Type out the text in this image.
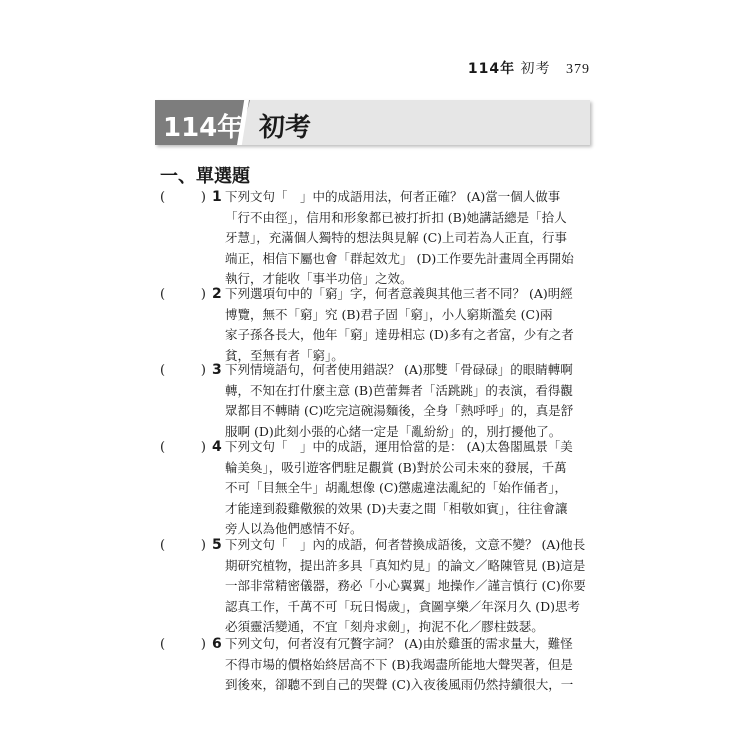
114年 初考 379
114年 初考
一、單選題
(	) 1 下列文句「　」中的成語用法，何者正確？ (A)當一個人做事
「行不由徑」，信用和形象都已被打折扣 (B)她講話總是「拾人
牙慧」，充滿個人獨特的想法與見解 (C)上司若為人正直，行事
端正，相信下屬也會「群起效尤」 (D)工作要先計畫周全再開始
執行，才能收「事半功倍」之效。
(	) 2 下列選項句中的「窮」字，何者意義與其他三者不同？ (A)明經
博覽，無不「窮」究 (B)君子固「窮」，小人窮斯濫矣 (C)兩
家子孫各長大，他年「窮」達毋相忘 (D)多有之者富，少有之者
貧，至無有者「窮」。
(	) 3 下列情境語句，何者使用錯誤？ (A)那雙「骨碌碌」的眼睛轉啊
轉，不知在打什麼主意 (B)芭蕾舞者「活跳跳」的表演，看得觀
眾都目不轉睛 (C)吃完這碗湯麵後，全身「熱呼呼」的，真是舒
服啊 (D)此刻小張的心緒一定是「亂紛紛」的，別打擾他了。
(	) 4 下列文句「　」中的成語，運用恰當的是： (A)太魯閣風景「美
輪美奐」，吸引遊客們駐足觀賞 (B)對於公司未來的發展，千萬
不可「目無全牛」胡亂想像 (C)懲處違法亂紀的「始作俑者」，
才能達到殺雞儆猴的效果 (D)夫妻之間「相敬如賓」，往往會讓
旁人以為他們感情不好。
(	) 5 下列文句「　」內的成語，何者替換成語後，文意不變？ (A)他長
期研究植物，提出許多具「真知灼見」的論文／略陳管見 (B)這是
一部非常精密儀器，務必「小心翼翼」地操作／謹言慎行 (C)你要
認真工作，千萬不可「玩日愒歲」，貪圖享樂／年深月久 (D)思考
必須靈活變通，不宜「刻舟求劍」，拘泥不化／膠柱鼓瑟。
(	) 6 下列文句，何者沒有冗贅字詞？ (A)由於雞蛋的需求量大，難怪
不得市場的價格始終居高不下 (B)我竭盡所能地大聲哭著，但是
到後來，卻聽不到自己的哭聲 (C)入夜後風雨仍然持續很大，一
